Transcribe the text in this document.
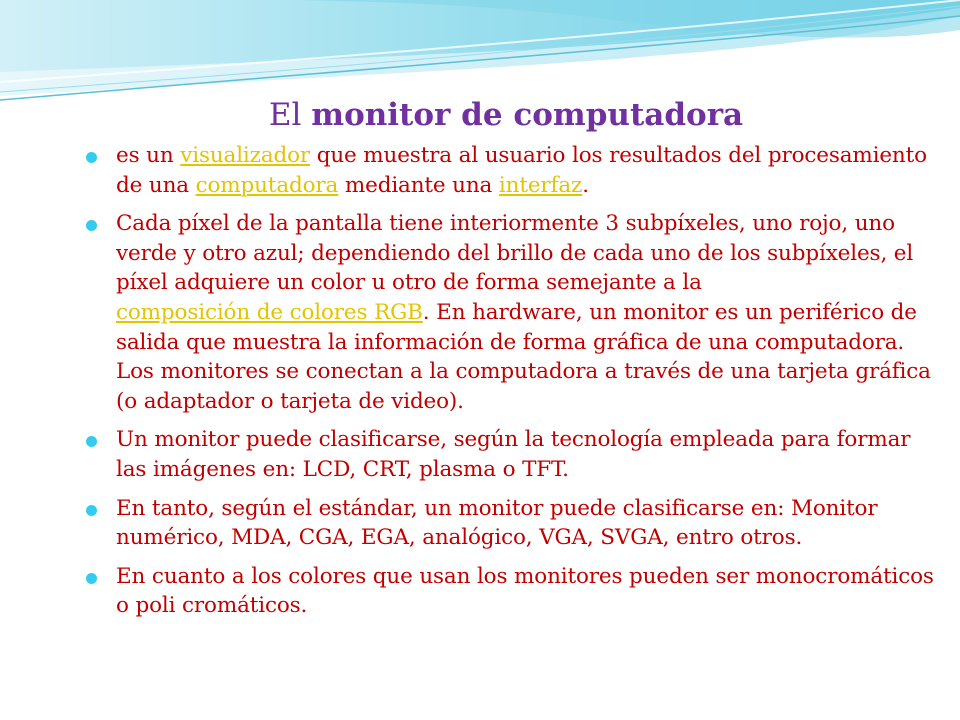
El monitor de computadora
es un visualizador que muestra al usuario los resultados del procesamiento de una computadora mediante una interfaz.
Cada píxel de la pantalla tiene interiormente 3 subpíxeles, uno rojo, uno verde y otro azul; dependiendo del brillo de cada uno de los subpíxeles, el píxel adquiere un color u otro de forma semejante a la composición de colores RGB. En hardware, un monitor es un periférico de salida que muestra la información de forma gráfica de una computadora. Los monitores se conectan a la computadora a través de una tarjeta gráfica (o adaptador o tarjeta de video).
Un monitor puede clasificarse, según la tecnología empleada para formar las imágenes en: LCD, CRT, plasma o TFT.
En tanto, según el estándar, un monitor puede clasificarse en: Monitor numérico, MDA, CGA, EGA, analógico, VGA, SVGA, entro otros.
En cuanto a los colores que usan los monitores pueden ser monocromáticos o poli cromáticos.
